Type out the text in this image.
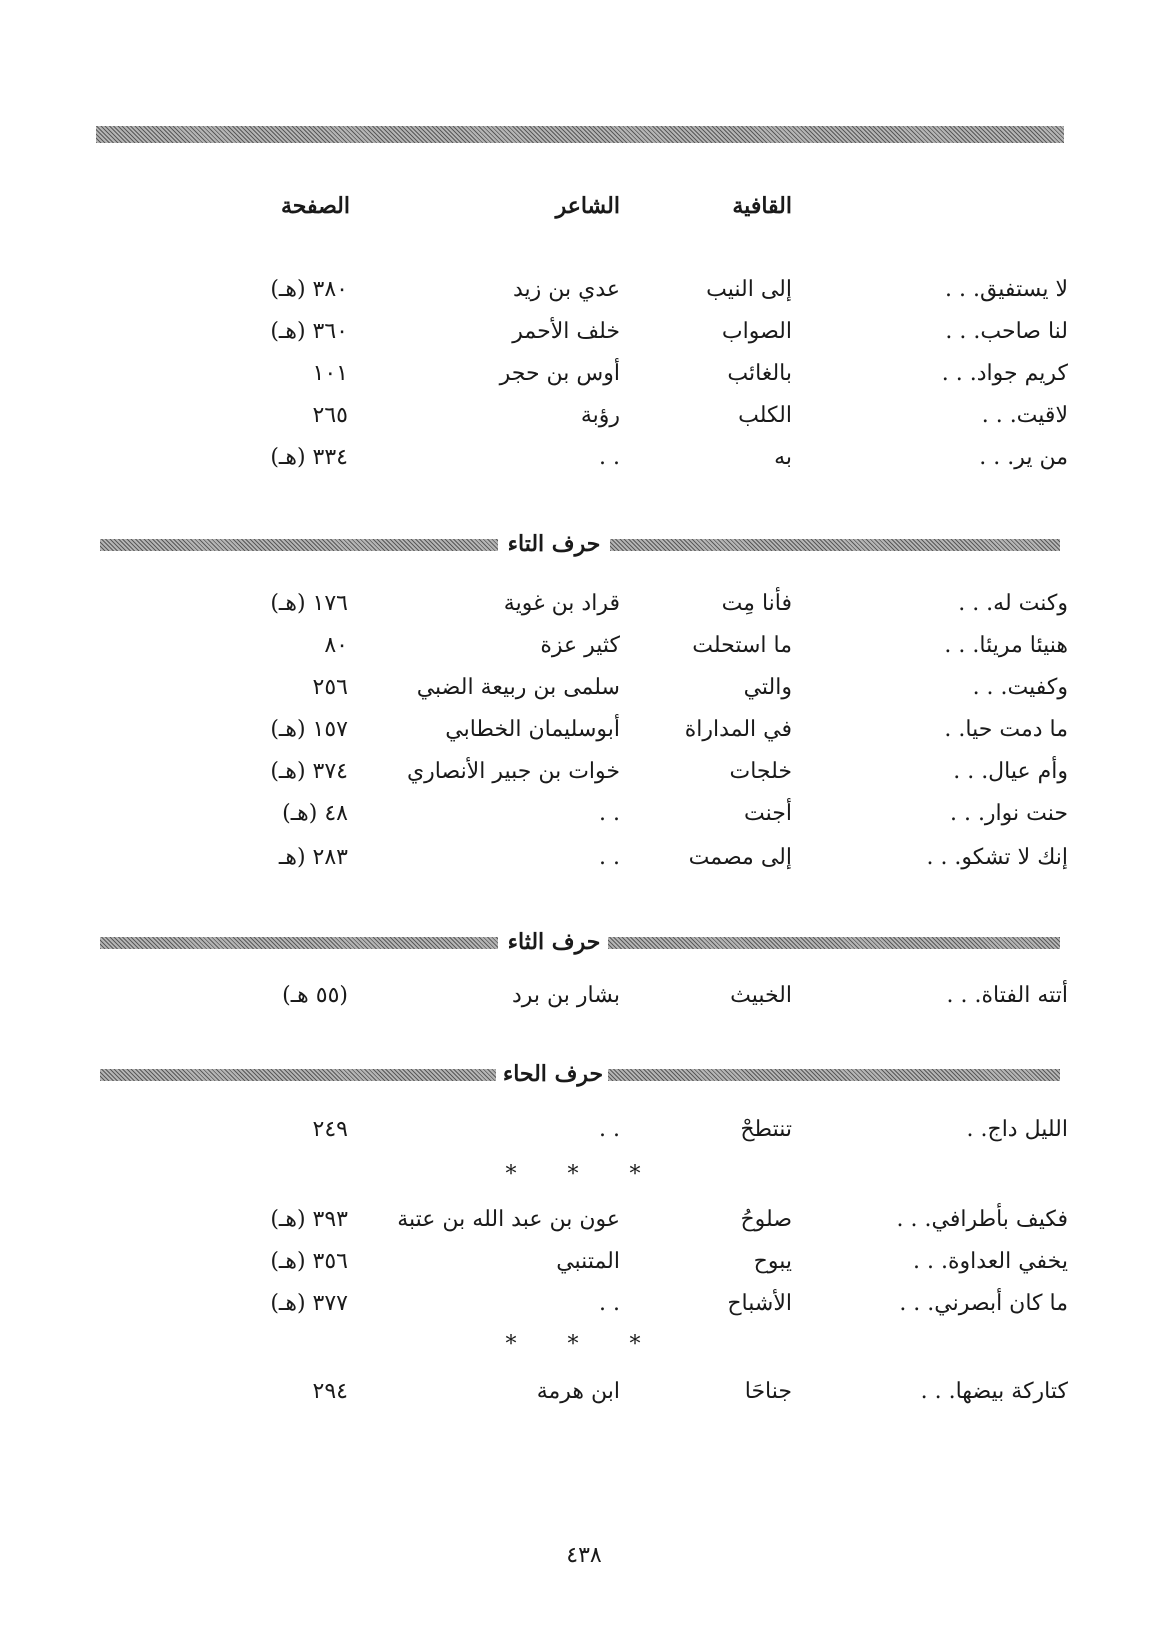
القافية
الشاعر
الصفحة
لا يستفيق. . .
إلى النيب
عدي بن زيد
٣٨٠ (هـ)
لنا صاحب. . .
الصواب
خلف الأحمر
٣٦٠ (هـ)
كريم جواد. . .
بالغائب
أوس بن حجر
١٠١
لاقيت. . .
الكلب
رؤبة
٢٦٥
من ير. . .
به
. .
٣٣٤ (هـ)
حرف التاء
وكنت له. . .
فأنا مِت
قراد بن غوية
١٧٦ (هـ)
هنيئا مريئا. . .
ما استحلت
كثير عزة
٨٠
وكفيت. . .
والتي
سلمى بن ربيعة الضبي
٢٥٦
ما دمت حيا. .
في المداراة
أبوسليمان الخطابي
١٥٧ (هـ)
وأم عيال. . .
خلجات
خوات بن جبير الأنصاري
٣٧٤ (هـ)
حنت نوار. . .
أجنت
. .
٤٨ (هـ)
إنك لا تشكو. . .
إلى مصمت
. .
٢٨٣ (هـ
حرف الثاء
أتته الفتاة. . .
الخبيث
بشار بن برد
(٥٥ هـ)
حرف الحاء
الليل داج. .
تنتطحْ
. .
٢٤٩
* * *
فكيف بأطرافي. . .
صلوحُ
عون بن عبد الله بن عتبة
٣٩٣ (هـ)
يخفي العداوة. . .
يبوح
المتنبي
٣٥٦ (هـ)
ما كان أبصرني. . .
الأشباح
. .
٣٧٧ (هـ)
* * *
كتاركة بيضها. . .
جناحَا
ابن هرمة
٢٩٤
٤٣٨
